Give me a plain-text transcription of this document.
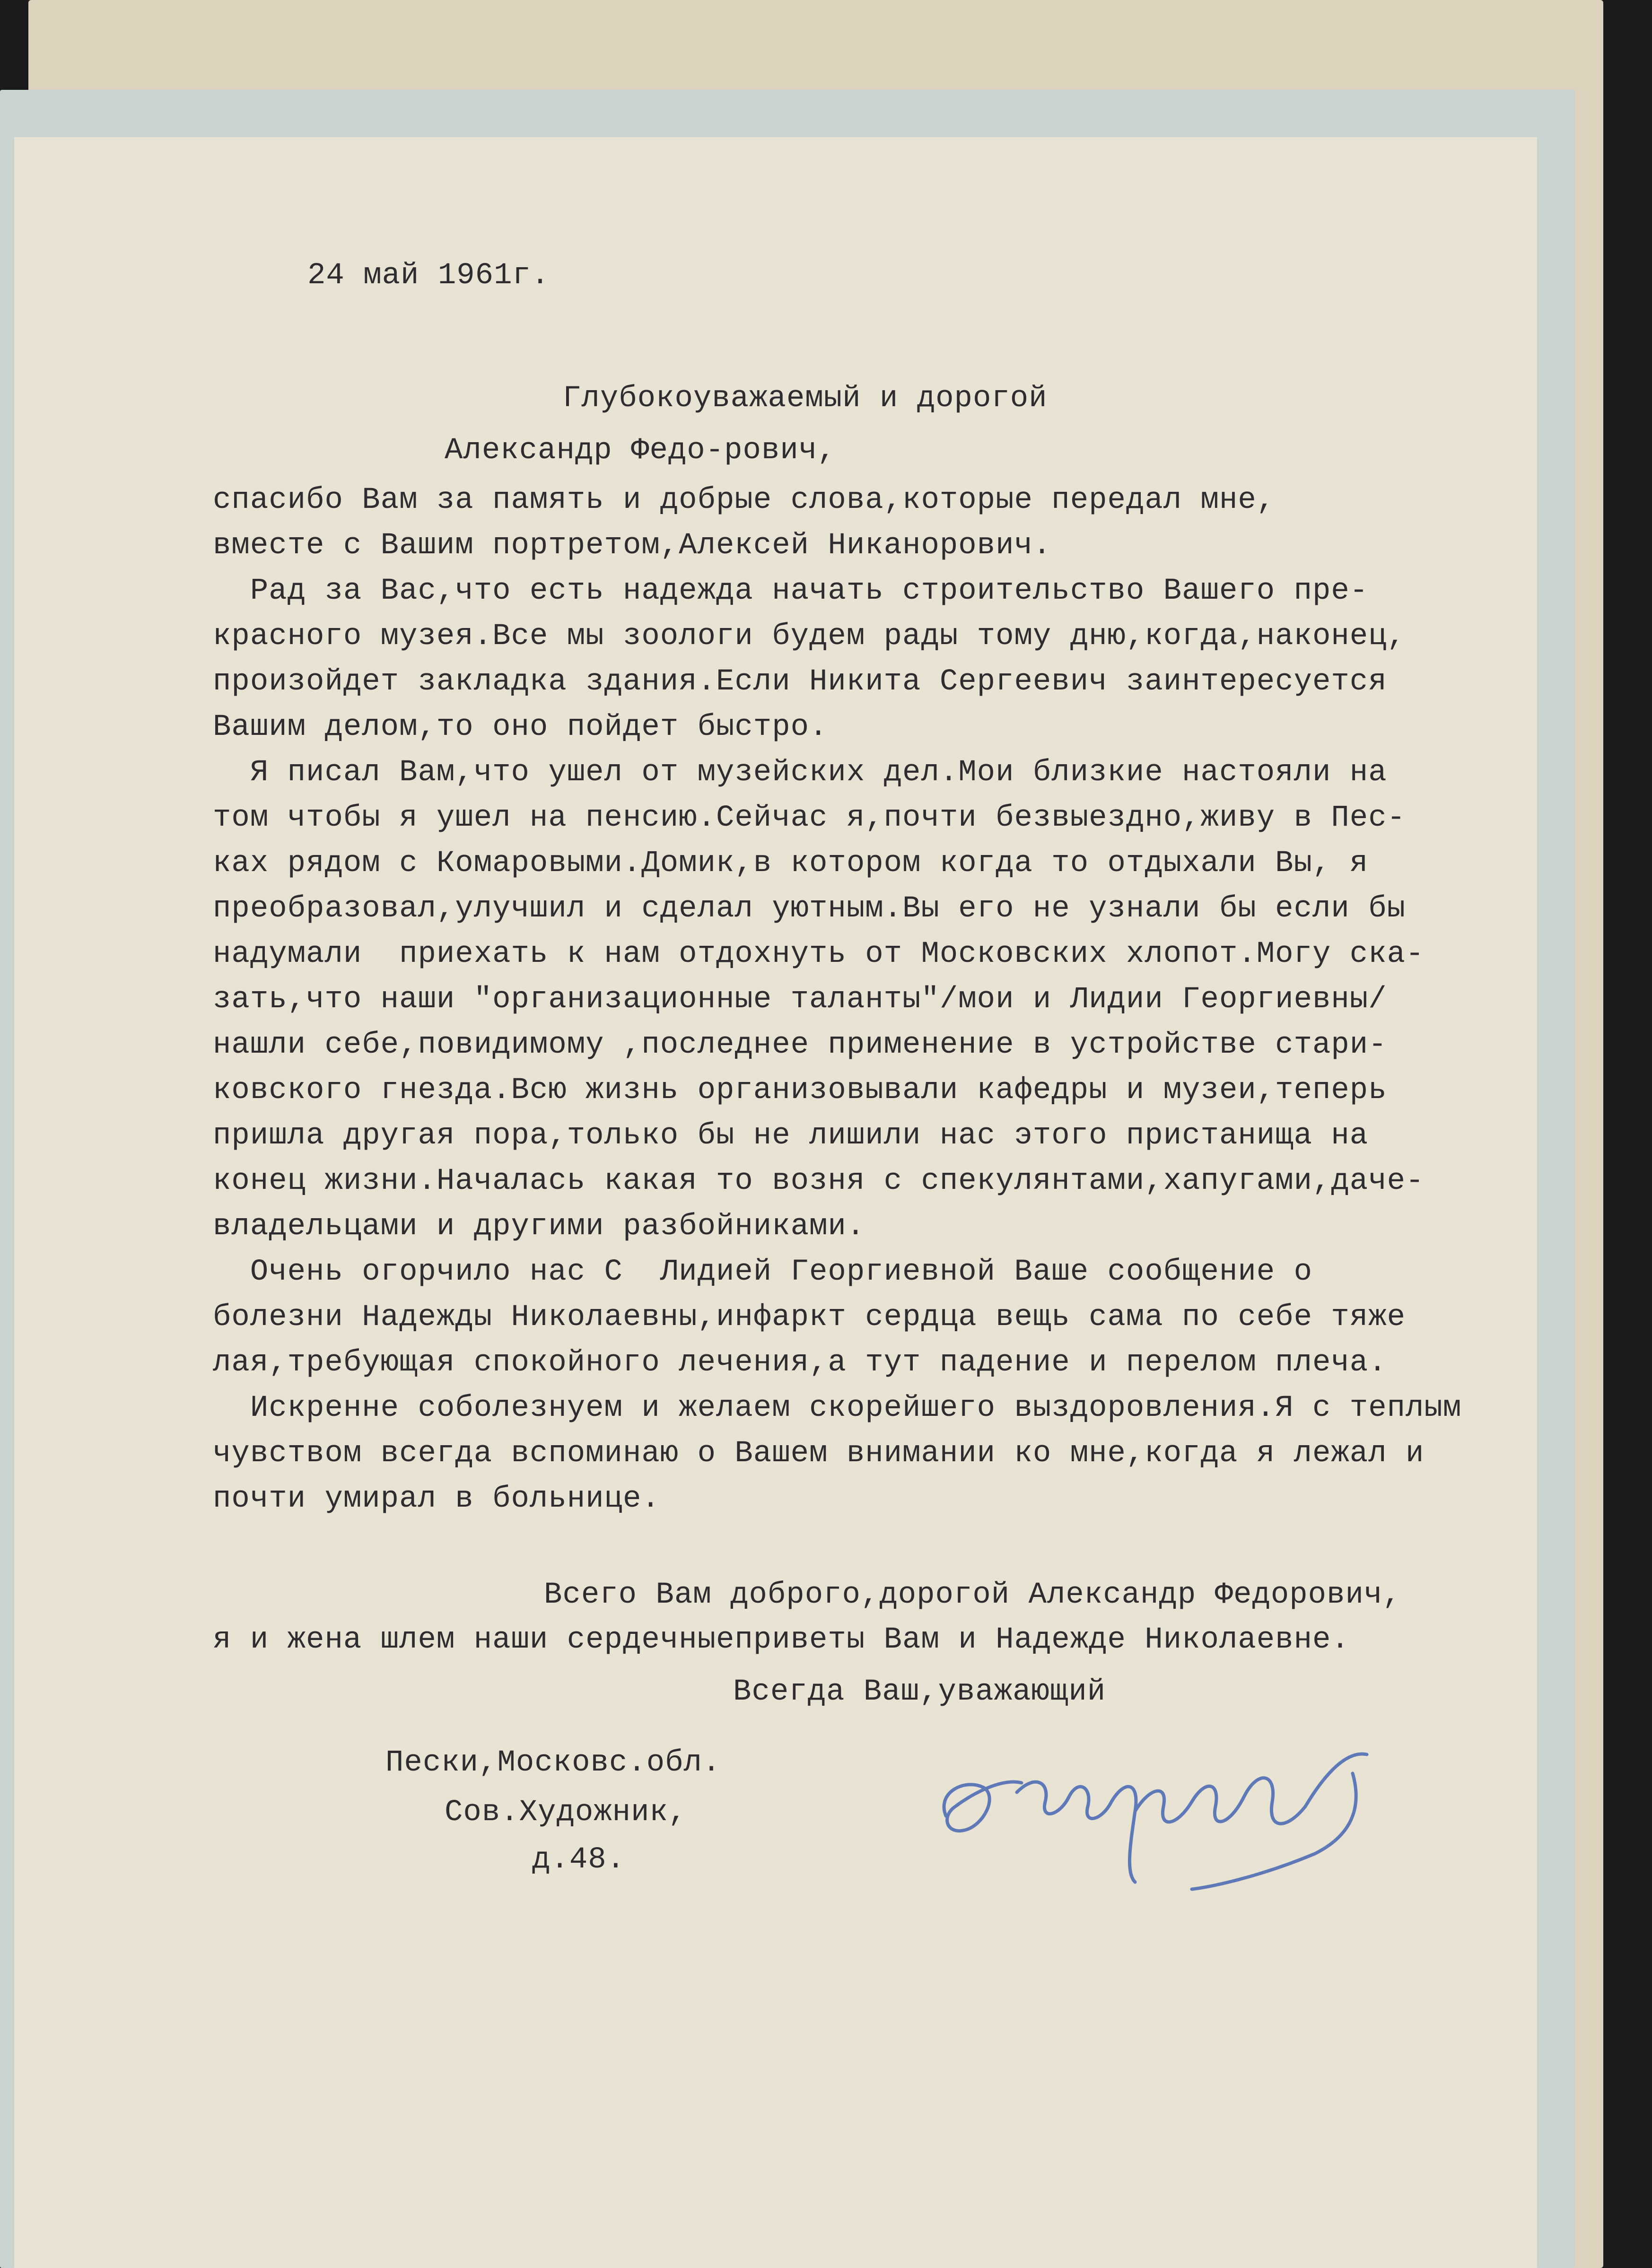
24 май 1961г.
Глубокоуважаемый и дорогой
Александр Федо-рович,

спасибо Вам за память и добрые слова,которые передал мне,
вместе с Вашим портретом,Алексей Никанорович.

Рад за Вас,что есть надежда начать строительство Вашего пре-
красного музея.Все мы зоологи будем рады тому дню,когда,наконец,
произойдет закладка здания.Если Никита Сергеевич заинтересуется
Вашим делом,то оно пойдет быстро.

Я писал Вам,что ушел от музейских дел.Мои близкие настояли на
том чтобы я ушел на пенсию.Сейчас я,почти безвыездно,живу в Пес-
ках рядом с Комаровыми.Домик,в котором когда то отдыхали Вы, я
преобразовал,улучшил и сделал уютным.Вы его не узнали бы если бы
надумали  приехать к нам отдохнуть от Московских хлопот.Могу ска-
зать,что наши "организационные таланты"/мои и Лидии Георгиевны/
нашли себе,повидимому ,последнее применение в устройстве стари-
ковского гнезда.Всю жизнь организовывали кафедры и музеи,теперь
пришла другая пора,только бы не лишили нас этого пристанища на
конец жизни.Началась какая то возня с спекулянтами,хапугами,даче-
владельцами и другими разбойниками.

Очень огорчило нас С  Лидией Георгиевной Ваше сообщение о
болезни Надежды Николаевны,инфаркт сердца вещь сама по себе тяже
лая,требующая спокойного лечения,а тут падение и перелом плеча.

Искренне соболезнуем и желаем скорейшего выздоровления.Я с теплым
чувством всегда вспоминаю о Вашем внимании ко мне,когда я лежал и
почти умирал в больнице.

Всего Вам доброго,дорогой Александр Федорович,
я и жена шлем наши сердечныеприветы Вам и Надежде Николаевне.
Всегда Ваш,уважающий
Пески,Московс.обл.
Сов.Художник,
д.48.
